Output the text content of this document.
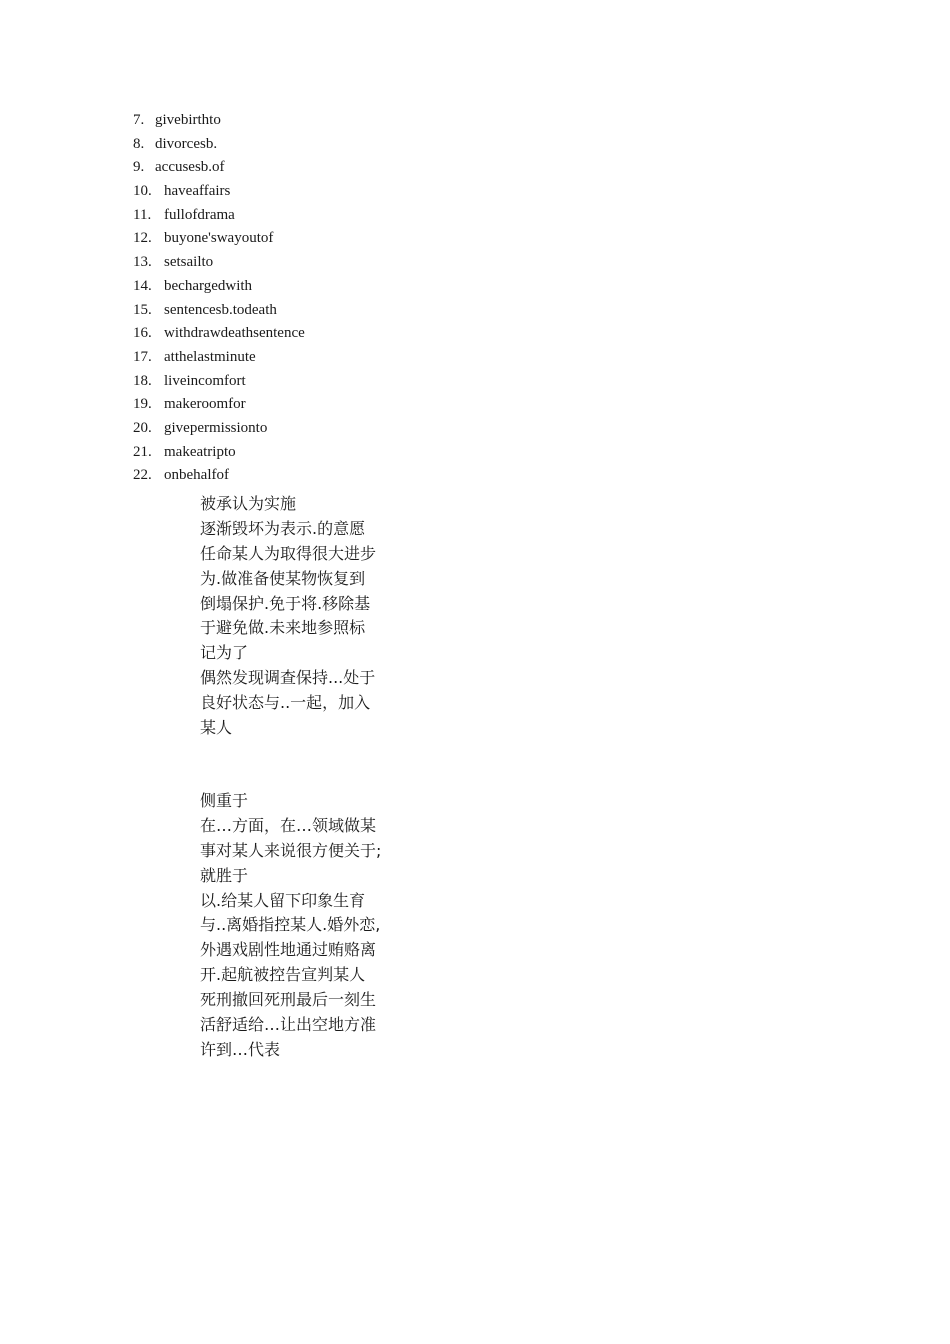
7. givebirthto
8. divorcesb.
9. accusesb.of
10. haveaffairs
11. fullofdrama
12. buyone'swayoutof
13. setsailto
14. bechargedwith
15. sentencesb.todeath
16. withdrawdeathsentence
17. atthelastminute
18. liveincomfort
19. makeroomfor
20. givepermissionto
21. makeatripto
22. onbehalfof
被承认为实施
逐渐毁坏为表示.的意愿
任命某人为取得很大进步
为.做准备使某物恢复到
倒塌保护.免于将.移除基
于避免做.未来地参照标
记为了
偶然发现调查保持...处于
良好状态与..一起，加入
某人
侧重于
在…方面，在…领域做某
事对某人来说很方便关于;
就胜于
以.给某人留下印象生育
与..离婚指控某人.婚外恋,
外遇戏剧性地通过贿赂离
开.起航被控告宣判某人
死刑撤回死刑最后一刻生
活舒适给…让出空地方准
许到…代表
